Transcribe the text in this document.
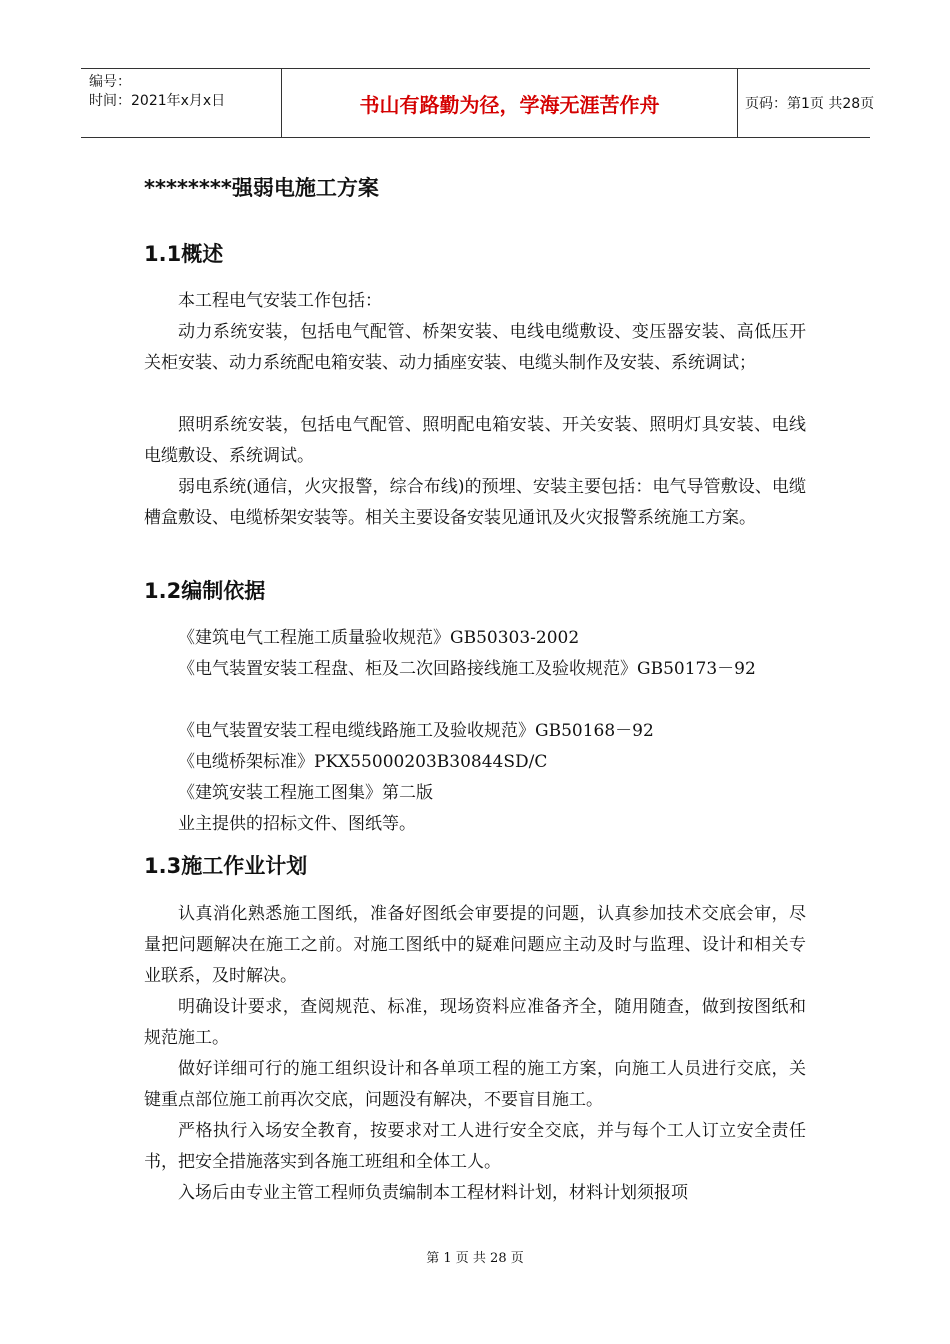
编号：
时间：2021年x月x日	书山有路勤为径，学海无涯苦作舟	页码：第1页 共28页
********强弱电施工方案
1.1概述
本工程电气安装工作包括：
动力系统安装，包括电气配管、桥架安装、电线电缆敷设、变压器安装、高低压开关柜安装、动力系统配电箱安装、动力插座安装、电缆头制作及安装、系统调试；
照明系统安装，包括电气配管、照明配电箱安装、开关安装、照明灯具安装、电线电缆敷设、系统调试。
弱电系统(通信，火灾报警，综合布线)的预埋、安装主要包括：电气导管敷设、电缆槽盒敷设、电缆桥架安装等。相关主要设备安装见通讯及火灾报警系统施工方案。
1.2编制依据
《建筑电气工程施工质量验收规范》GB50303-2002
《电气装置安装工程盘、柜及二次回路接线施工及验收规范》GB50173－92
《电气装置安装工程电缆线路施工及验收规范》GB50168－92
《电缆桥架标准》PKX55000203B30844SD/C
《建筑安装工程施工图集》第二版
业主提供的招标文件、图纸等。
1.3施工作业计划
认真消化熟悉施工图纸，准备好图纸会审要提的问题，认真参加技术交底会审，尽量把问题解决在施工之前。对施工图纸中的疑难问题应主动及时与监理、设计和相关专业联系，及时解决。
明确设计要求，查阅规范、标准，现场资料应准备齐全，随用随查，做到按图纸和规范施工。
做好详细可行的施工组织设计和各单项工程的施工方案，向施工人员进行交底，关键重点部位施工前再次交底，问题没有解决，不要盲目施工。
严格执行入场安全教育，按要求对工人进行安全交底，并与每个工人订立安全责任书，把安全措施落实到各施工班组和全体工人。
入场后由专业主管工程师负责编制本工程材料计划，材料计划须报项
第 1 页 共 28 页
